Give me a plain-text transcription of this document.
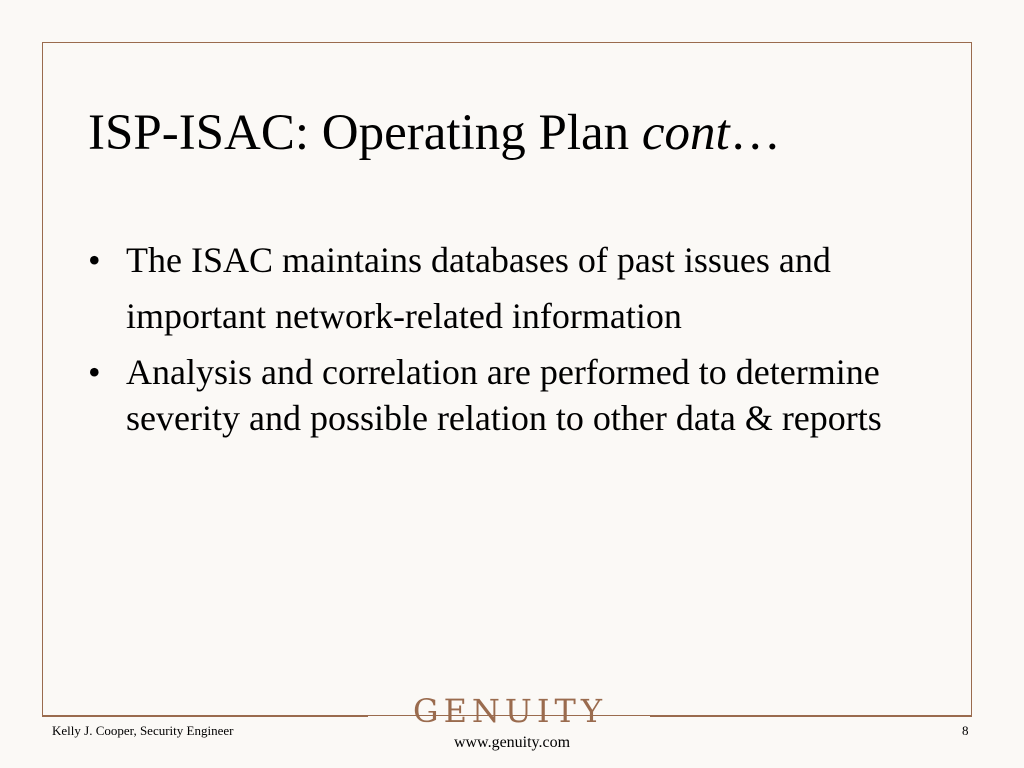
ISP-ISAC: Operating Plan cont…
• The ISAC maintains databases of past issues and important network-related information
• Analysis and correlation are performed to determine severity and possible relation to other data & reports
GENUITY
www.genuity.com
Kelly J. Cooper, Security Engineer	8
